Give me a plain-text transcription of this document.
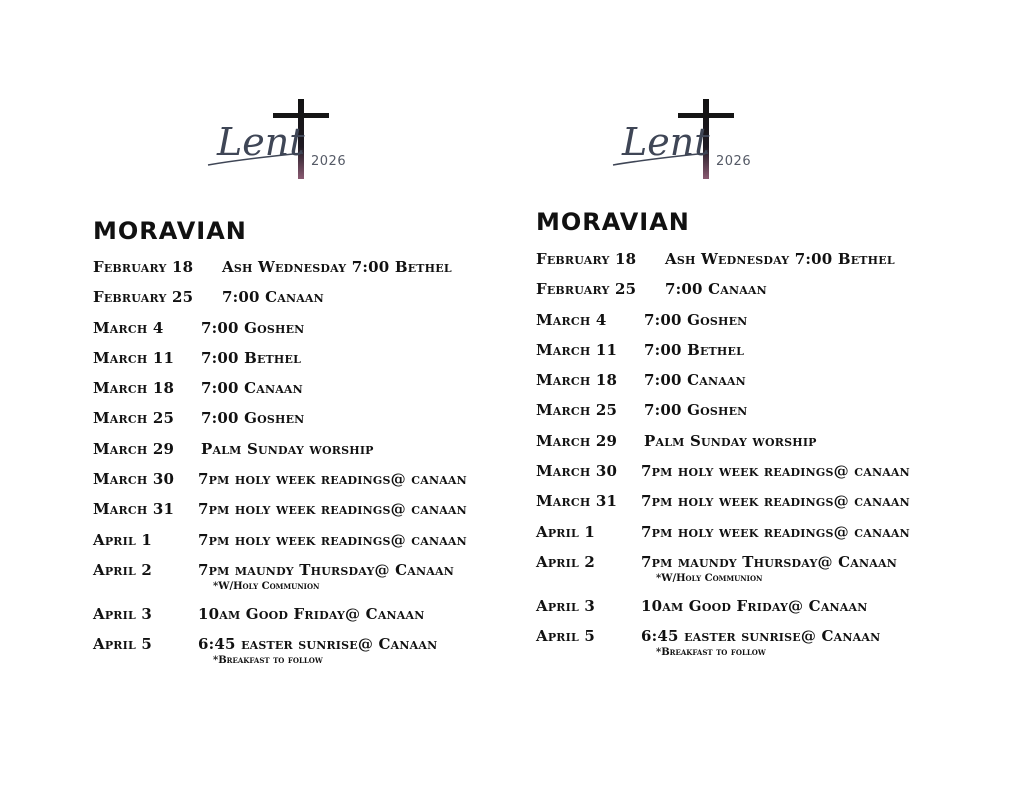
Lent 2026
MORAVIAN
February 18 Ash Wednesday 7:00 Bethel
February 25 7:00 Canaan
March 4	7:00 Goshen
March 11 7:00 Bethel
March 18 7:00 Canaan
March 25 7:00 Goshen
March 29 Palm Sunday worship
March 30 7pm holy week readings@ canaan
March 31 7pm holy week readings@ canaan
April 1	7pm holy week readings@ canaan
April 2	7pm maundy Thursday@ Canaan
*W/Holy Communion
April 3	10am Good Friday@ Canaan
April 5	6:45 easter sunrise@ Canaan
*Breakfast to follow
Lent 2026
MORAVIAN
February 18 Ash Wednesday 7:00 Bethel
February 25 7:00 Canaan
March 4	7:00 Goshen
March 11 7:00 Bethel
March 18 7:00 Canaan
March 25 7:00 Goshen
March 29 Palm Sunday worship
March 30 7pm holy week readings@ canaan
March 31 7pm holy week readings@ canaan
April 1	7pm holy week readings@ canaan
April 2	7pm maundy Thursday@ Canaan
*W/Holy Communion
April 3	10am Good Friday@ Canaan
April 5	6:45 easter sunrise@ Canaan
*Breakfast to follow
